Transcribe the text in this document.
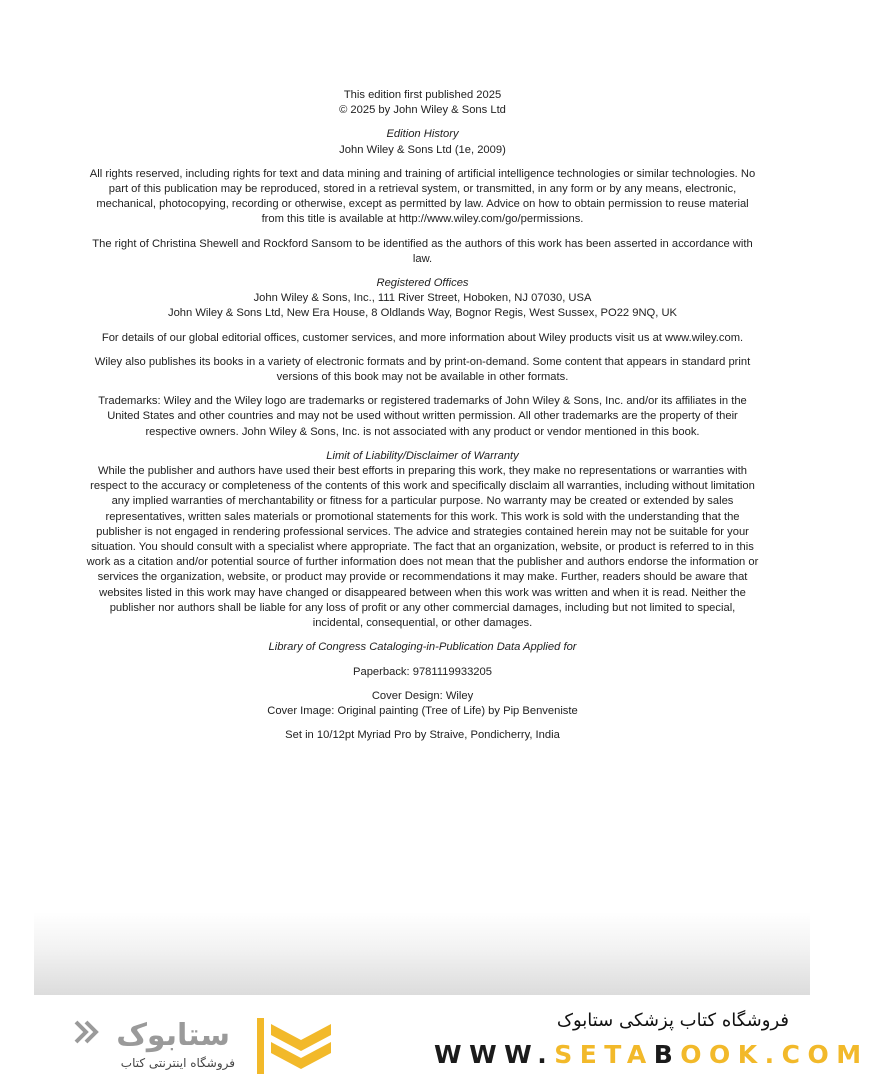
This edition first published 2025

© 2025 by John Wiley & Sons Ltd

Edition History

John Wiley & Sons Ltd (1e, 2009)

All rights reserved, including rights for text and data mining and training of artificial intelligence technologies or similar technologies. No part of this publication may be reproduced, stored in a retrieval system, or transmitted, in any form or by any means, electronic, mechanical, photocopying, recording or otherwise, except as permitted by law. Advice on how to obtain permission to reuse material from this title is available at http://www.wiley.com/go/permissions.

The right of Christina Shewell and Rockford Sansom to be identified as the authors of this work has been asserted in accordance with law.

Registered Offices

John Wiley & Sons, Inc., 111 River Street, Hoboken, NJ 07030, USA

John Wiley & Sons Ltd, New Era House, 8 Oldlands Way, Bognor Regis, West Sussex, PO22 9NQ, UK

For details of our global editorial offices, customer services, and more information about Wiley products visit us at www.wiley.com.

Wiley also publishes its books in a variety of electronic formats and by print-on-demand. Some content that appears in standard print versions of this book may not be available in other formats.

Trademarks: Wiley and the Wiley logo are trademarks or registered trademarks of John Wiley & Sons, Inc. and/or its affiliates in the United States and other countries and may not be used without written permission. All other trademarks are the property of their respective owners. John Wiley & Sons, Inc. is not associated with any product or vendor mentioned in this book.

Limit of Liability/Disclaimer of Warranty

While the publisher and authors have used their best efforts in preparing this work, they make no representations or warranties with respect to the accuracy or completeness of the contents of this work and specifically disclaim all warranties, including without limitation any implied warranties of merchantability or fitness for a particular purpose. No warranty may be created or extended by sales representatives, written sales materials or promotional statements for this work. This work is sold with the understanding that the publisher is not engaged in rendering professional services. The advice and strategies contained herein may not be suitable for your situation. You should consult with a specialist where appropriate. The fact that an organization, website, or product is referred to in this work as a citation and/or potential source of further information does not mean that the publisher and authors endorse the information or services the organization, website, or product may provide or recommendations it may make. Further, readers should be aware that websites listed in this work may have changed or disappeared between when this work was written and when it is read. Neither the publisher nor authors shall be liable for any loss of profit or any other commercial damages, including but not limited to special, incidental, consequential, or other damages.

Library of Congress Cataloging-in-Publication Data Applied for

Paperback: 9781119933205

Cover Design: Wiley

Cover Image: Original painting (Tree of Life) by Pip Benveniste

Set in 10/12pt Myriad Pro by Straive, Pondicherry, India

ستابوک
فروشگاه اینترنتی کتاب
فروشگاه کتاب پزشکی ستابوک
WWW.SETABOOK.COM
